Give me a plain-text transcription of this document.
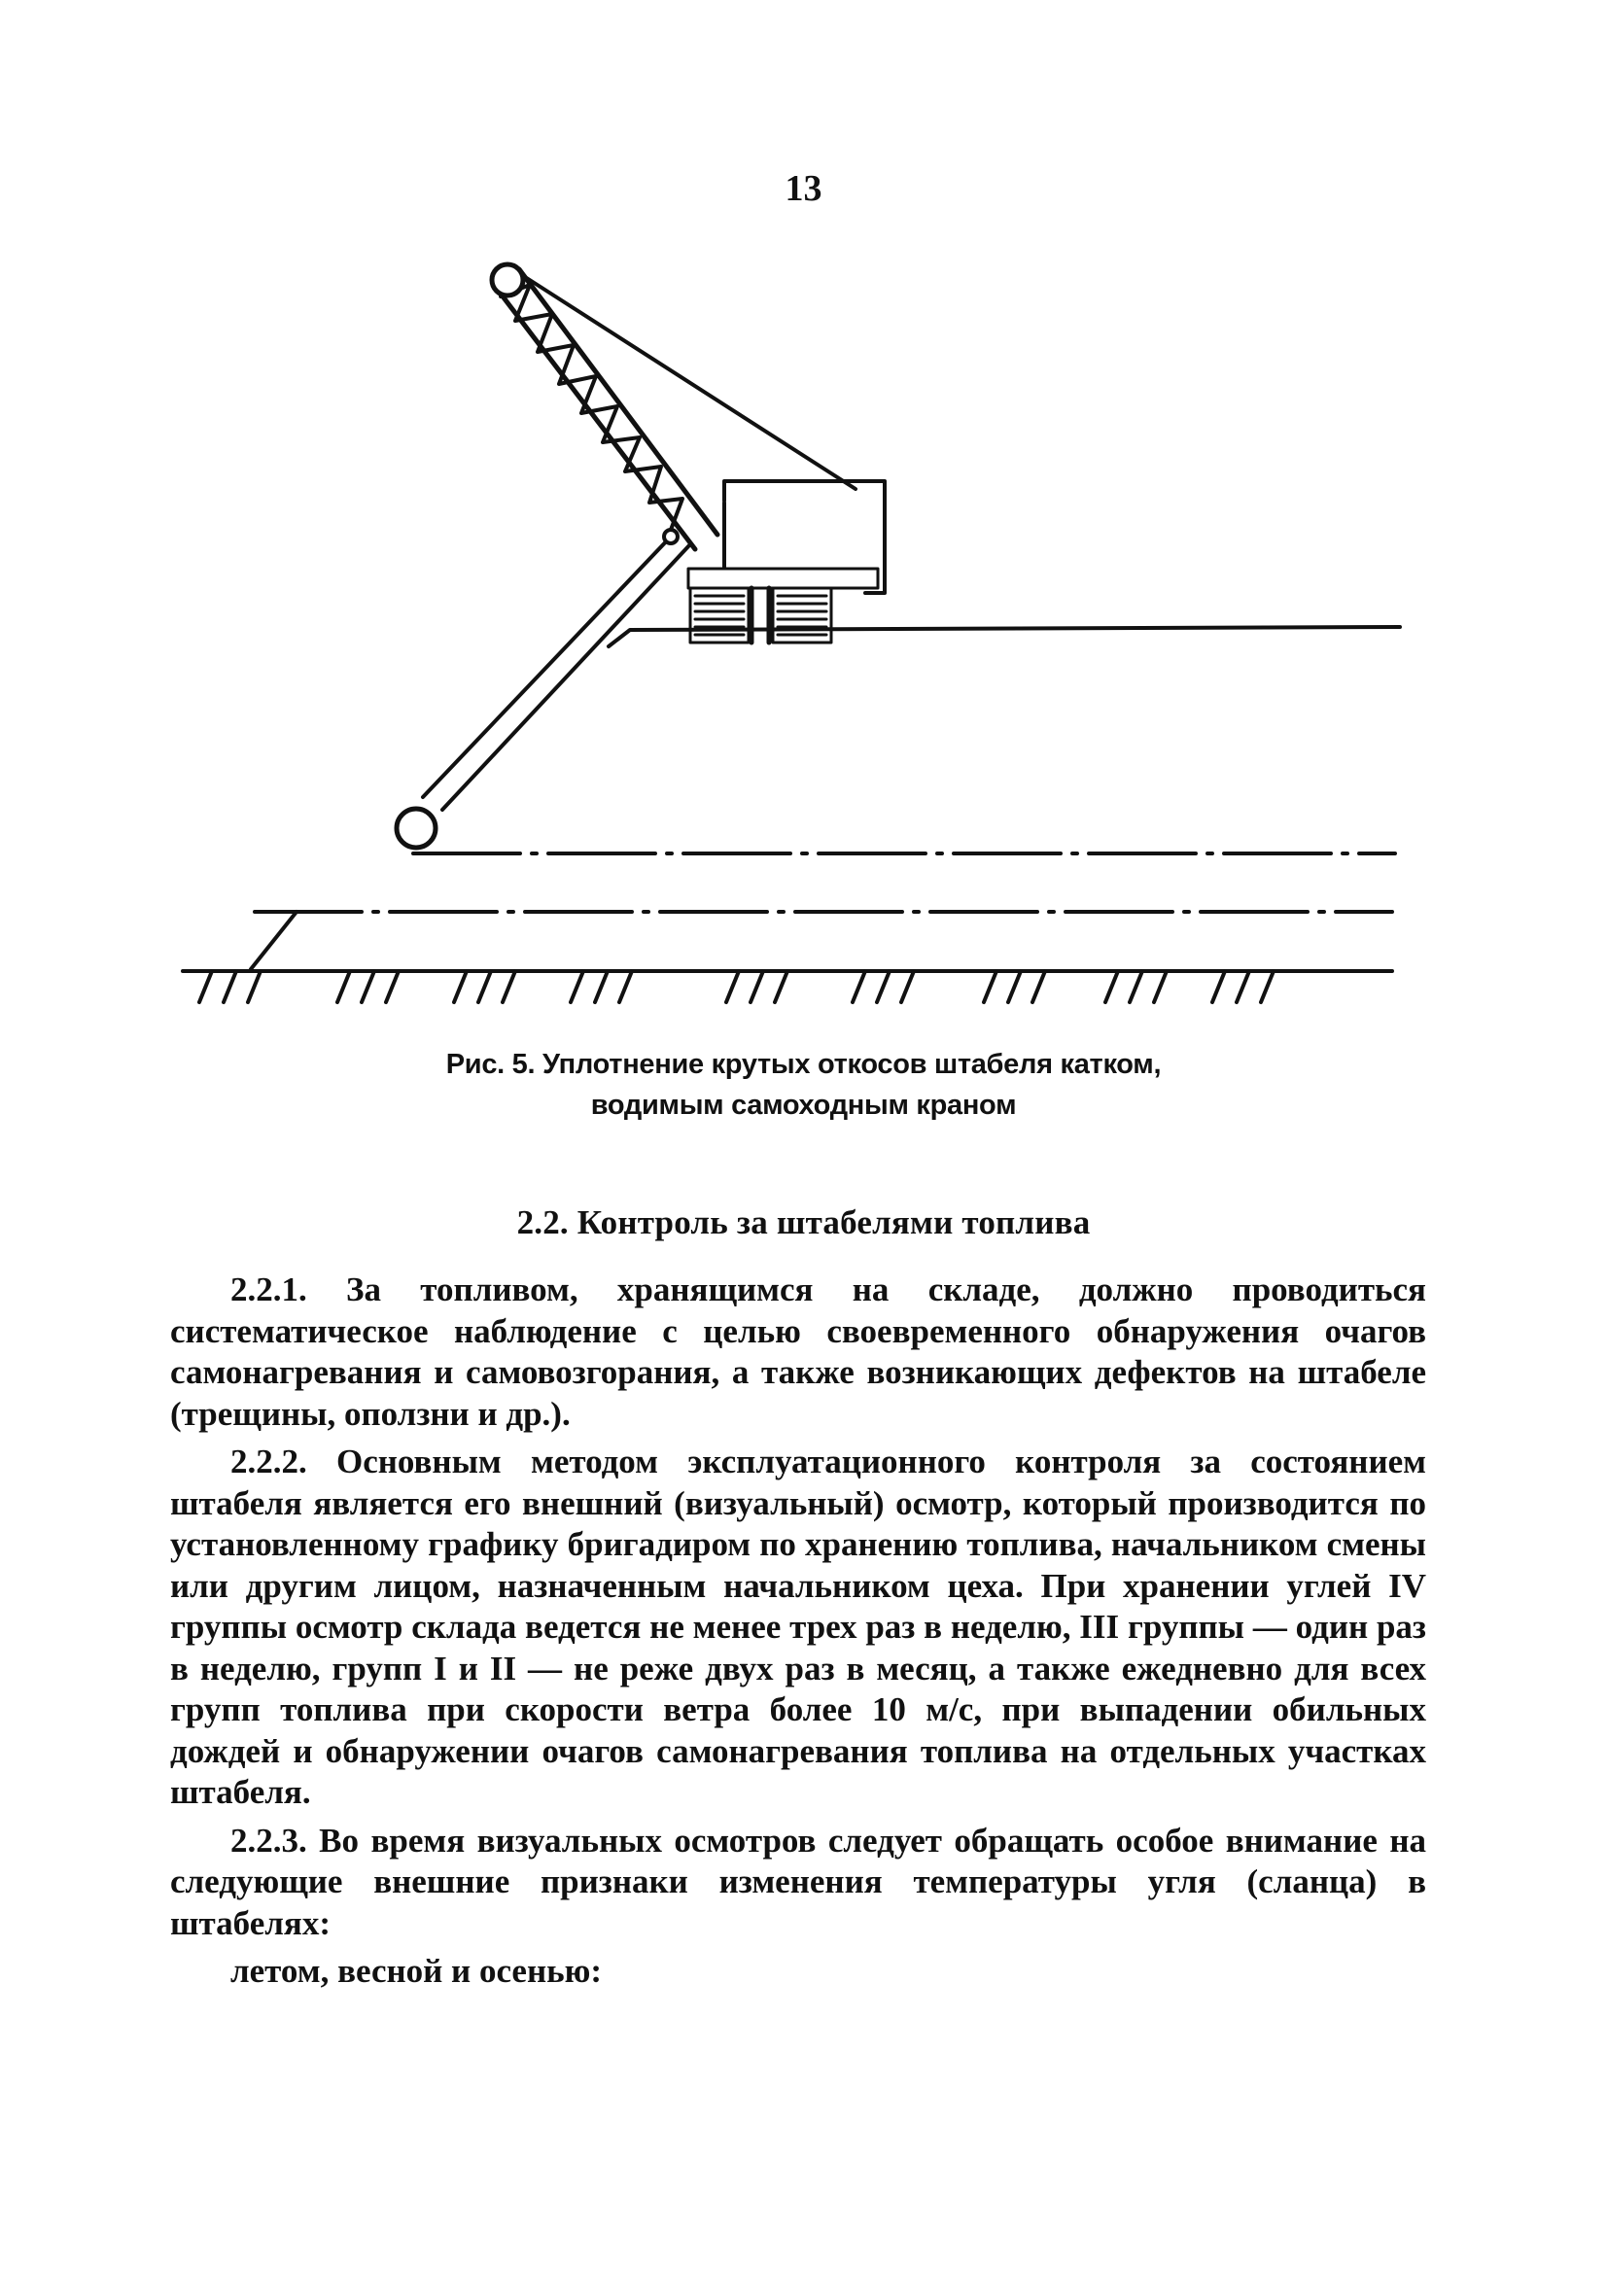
13
Рис. 5. Уплотнение крутых откосов штабеля катком,
водимым самоходным краном
2.2. Контроль за штабелями топлива

2.2.1. За топливом, хранящимся на складе, должно проводиться систематическое наблюдение с целью своевременного обнаружения очагов самонагревания и самовозгорания, а также возникающих дефектов на штабеле (трещины, оползни и др.).

2.2.2. Основным методом эксплуатационного контроля за состоянием штабеля является его внешний (визуальный) осмотр, который производится по установленному графику бригадиром по хранению топлива, начальником смены или другим лицом, назначенным начальником цеха. При хранении углей IV группы осмотр склада ведется не менее трех раз в неделю, III группы — один раз в неделю, групп I и II — не реже двух раз в месяц, а также ежедневно для всех групп топлива при скорости ветра более 10 м/с, при выпадении обильных дождей и обнаружении очагов самонагревания топлива на отдельных участках штабеля.

2.2.3. Во время визуальных осмотров следует обращать особое внимание на следующие внешние признаки изменения температуры угля (сланца) в штабелях:

летом, весной и осенью:
